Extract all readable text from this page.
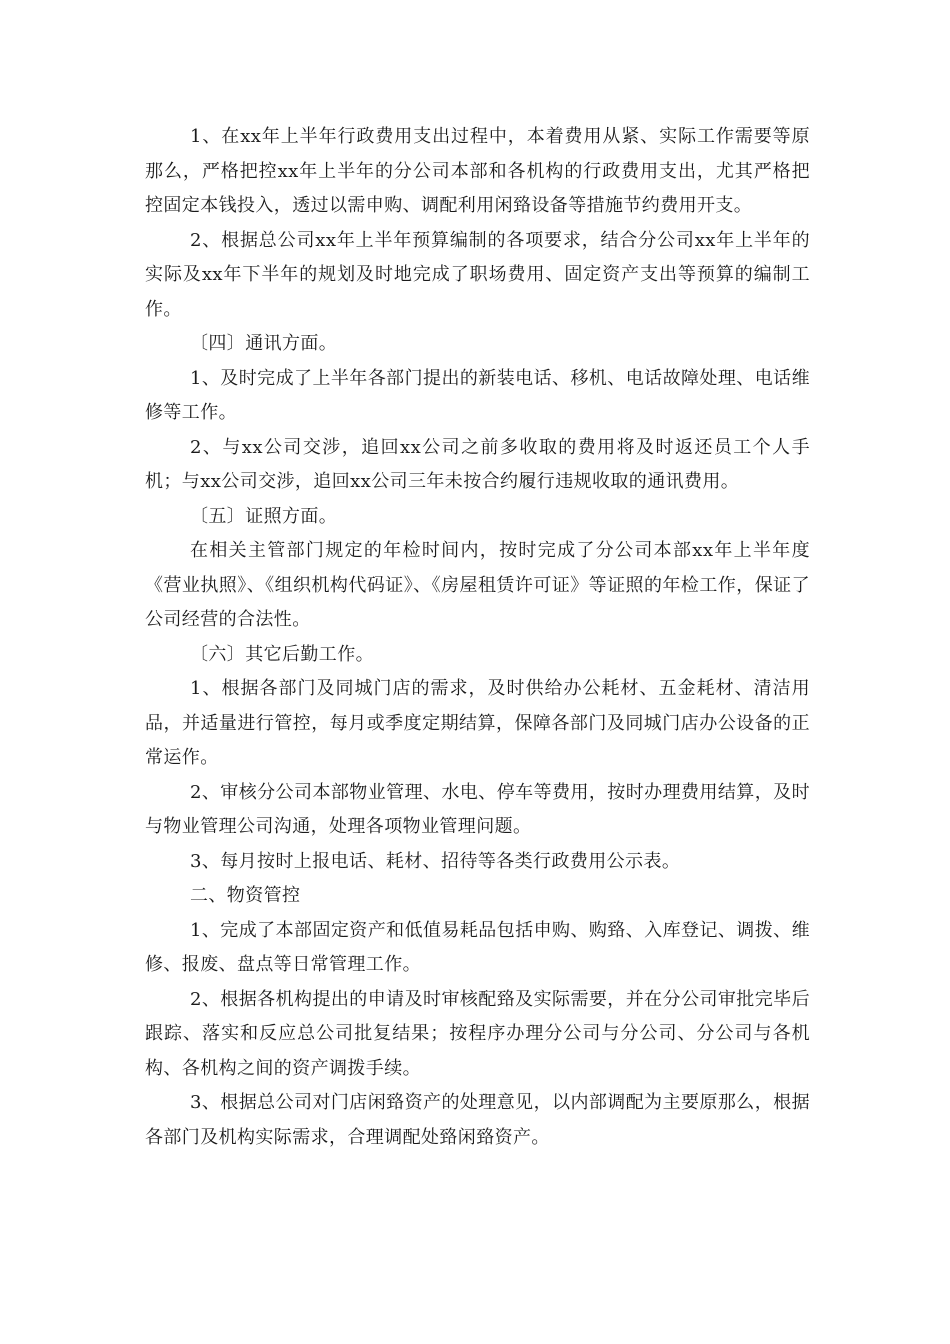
1、在xx年上半年行政费用支出过程中，本着费用从紧、实际工作需要等原那么，严格把控xx年上半年的分公司本部和各机构的行政费用支出，尤其严格把控固定本钱投入，透过以需申购、调配利用闲臵设备等措施节约费用开支。

2、根据总公司xx年上半年预算编制的各项要求，结合分公司xx年上半年的实际及xx年下半年的规划及时地完成了职场费用、固定资产支出等预算的编制工作。

〔四〕通讯方面。

1、及时完成了上半年各部门提出的新装电话、移机、电话故障处理、电话维修等工作。

2、与xx公司交涉，追回xx公司之前多收取的费用将及时返还员工个人手机；与xx公司交涉，追回xx公司三年未按合约履行违规收取的通讯费用。

〔五〕证照方面。

在相关主管部门规定的年检时间内，按时完成了分公司本部xx年上半年度《营业执照》、《组织机构代码证》、《房屋租赁许可证》等证照的年检工作，保证了公司经营的合法性。

〔六〕其它后勤工作。

1、根据各部门及同城门店的需求，及时供给办公耗材、五金耗材、清洁用品，并适量进行管控，每月或季度定期结算，保障各部门及同城门店办公设备的正常运作。

2、审核分公司本部物业管理、水电、停车等费用，按时办理费用结算，及时与物业管理公司沟通，处理各项物业管理问题。

3、每月按时上报电话、耗材、招待等各类行政费用公示表。

二、物资管控

1、完成了本部固定资产和低值易耗品包括申购、购臵、入库登记、调拨、维修、报废、盘点等日常管理工作。

2、根据各机构提出的申请及时审核配臵及实际需要，并在分公司审批完毕后跟踪、落实和反应总公司批复结果；按程序办理分公司与分公司、分公司与各机构、各机构之间的资产调拨手续。

3、根据总公司对门店闲臵资产的处理意见，以内部调配为主要原那么，根据各部门及机构实际需求，合理调配处臵闲臵资产。
